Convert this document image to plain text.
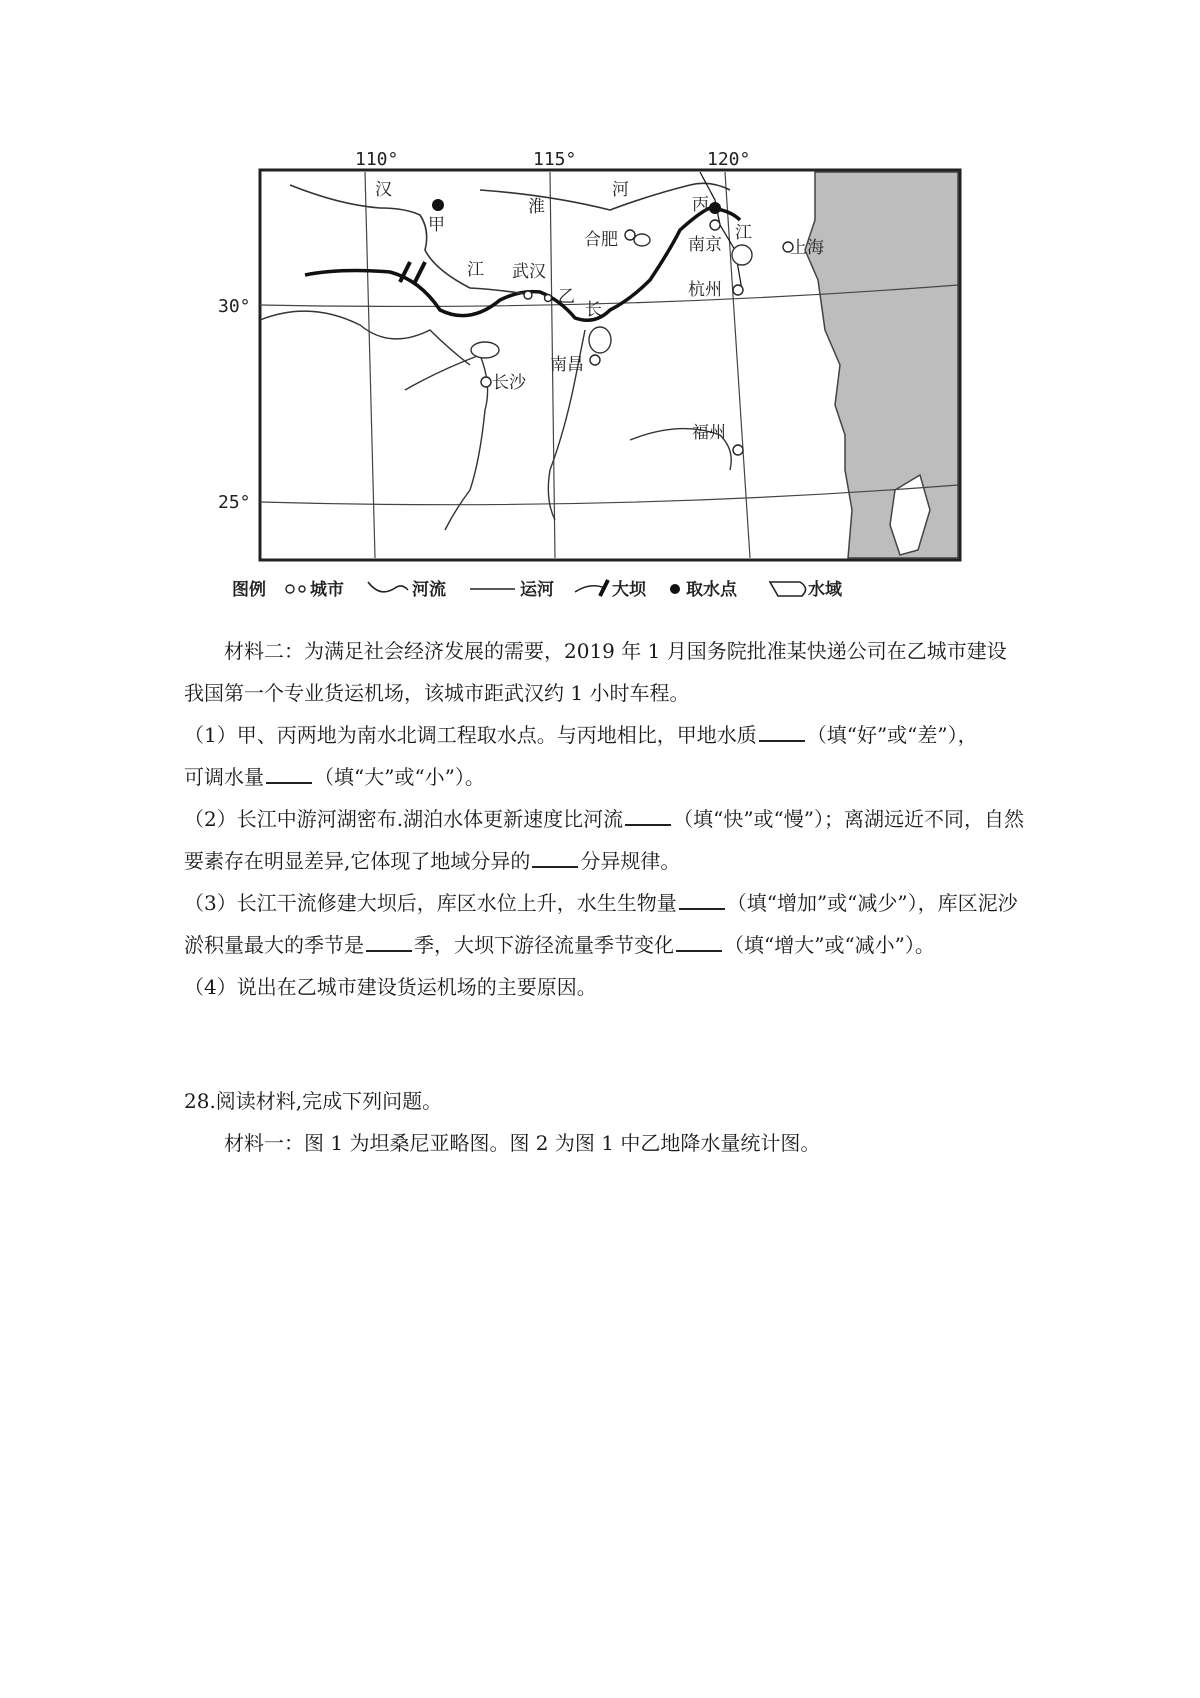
110°	115°	120°
30°
25°
汉
甲
淮
河
丙
江
合肥	南京	上海
江 武汉
乙
长
杭州
南昌
长沙
福州
图例	城市	河流	运河	大坝 取水点	水域

材料二：为满足社会经济发展的需要，2019 年 1 月国务院批准某快递公司在乙城市建设我国第一个专业货运机场，该城市距武汉约 1 小时车程。

（1）甲、丙两地为南水北调工程取水点。与丙地相比，甲地水质	（填“好”或“差”），
可调水量	（填“大”或“小”）。

（2）长江中游河湖密布.湖泊水体更新速度比河流	（填“快”或“慢”）；离湖远近不同，自然要素存在明显差异,它体现了地域分异的	分异规律。

（3）长江干流修建大坝后，库区水位上升，水生生物量	（填“增加”或“减少”），库区泥沙淤积量最大的季节是	季，大坝下游径流量季节变化	（填“增大”或“减小”）。

（4）说出在乙城市建设货运机场的主要原因。

28.阅读材料,完成下列问题。

材料一：图 1 为坦桑尼亚略图。图 2 为图 1 中乙地降水量统计图。
